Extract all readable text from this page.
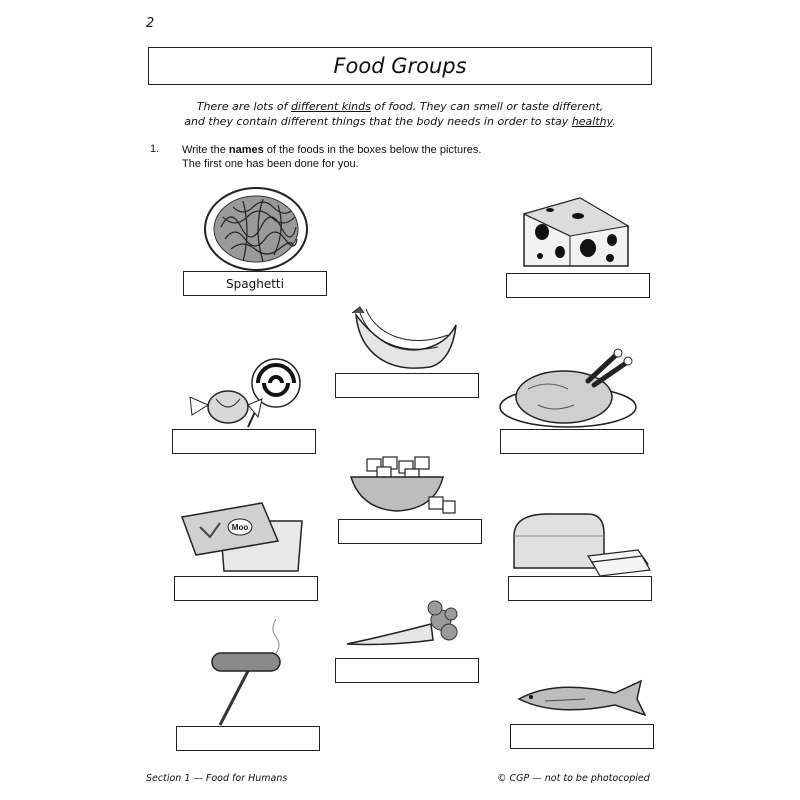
2
Food Groups
There are lots of different kinds of food. They can smell or taste different,
and they contain different things that the body needs in order to stay healthy.
1. Write the names of the foods in the boxes below the pictures.
The first one has been done for you.
Spaghetti
Moo
Section 1 — Food for Humans	© CGP — not to be photocopied
